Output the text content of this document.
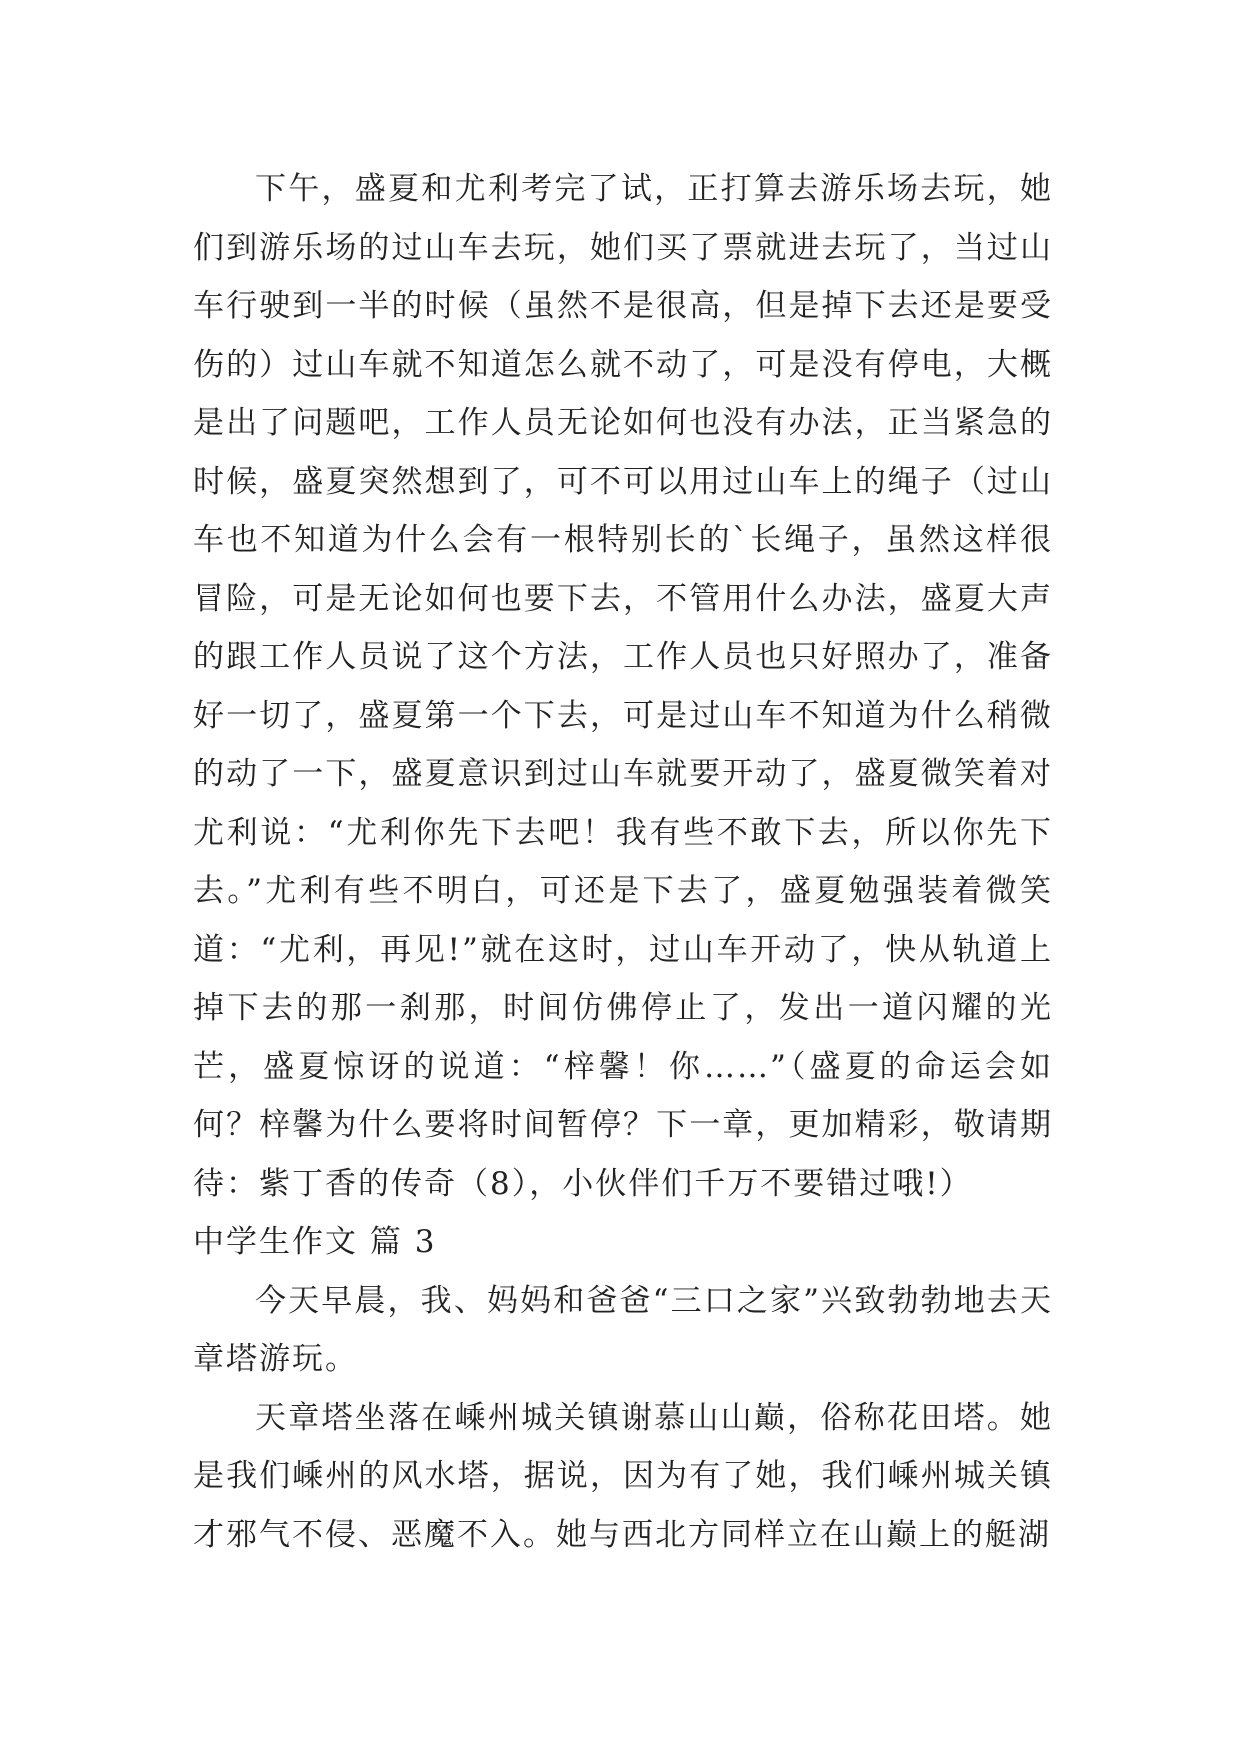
下午，盛夏和尤利考完了试，正打算去游乐场去玩，她们到游乐场的过山车去玩，她们买了票就进去玩了，当过山车行驶到一半的时候（虽然不是很高，但是掉下去还是要受伤的）过山车就不知道怎么就不动了，可是没有停电，大概是出了问题吧，工作人员无论如何也没有办法，正当紧急的时候，盛夏突然想到了，可不可以用过山车上的绳子（过山车也不知道为什么会有一根特别长的`长绳子，虽然这样很冒险，可是无论如何也要下去，不管用什么办法，盛夏大声的跟工作人员说了这个方法，工作人员也只好照办了，准备好一切了，盛夏第一个下去，可是过山车不知道为什么稍微的动了一下，盛夏意识到过山车就要开动了，盛夏微笑着对尤利说：“尤利你先下去吧！我有些不敢下去，所以你先下去。”尤利有些不明白，可还是下去了，盛夏勉强装着微笑道：“尤利，再见!”就在这时，过山车开动了，快从轨道上掉下去的那一刹那，时间仿佛停止了，发出一道闪耀的光芒，盛夏惊讶的说道：“梓馨！你……”（盛夏的命运会如何？梓馨为什么要将时间暂停？下一章，更加精彩，敬请期待：紫丁香的传奇（8），小伙伴们千万不要错过哦!）

中学生作文 篇 3

今天早晨，我、妈妈和爸爸“三口之家”兴致勃勃地去天章塔游玩。

天章塔坐落在嵊州城关镇谢慕山山巅，俗称花田塔。她是我们嵊州的风水塔，据说，因为有了她，我们嵊州城关镇才邪气不侵、恶魔不入。她与西北方同样立在山巅上的艇湖
